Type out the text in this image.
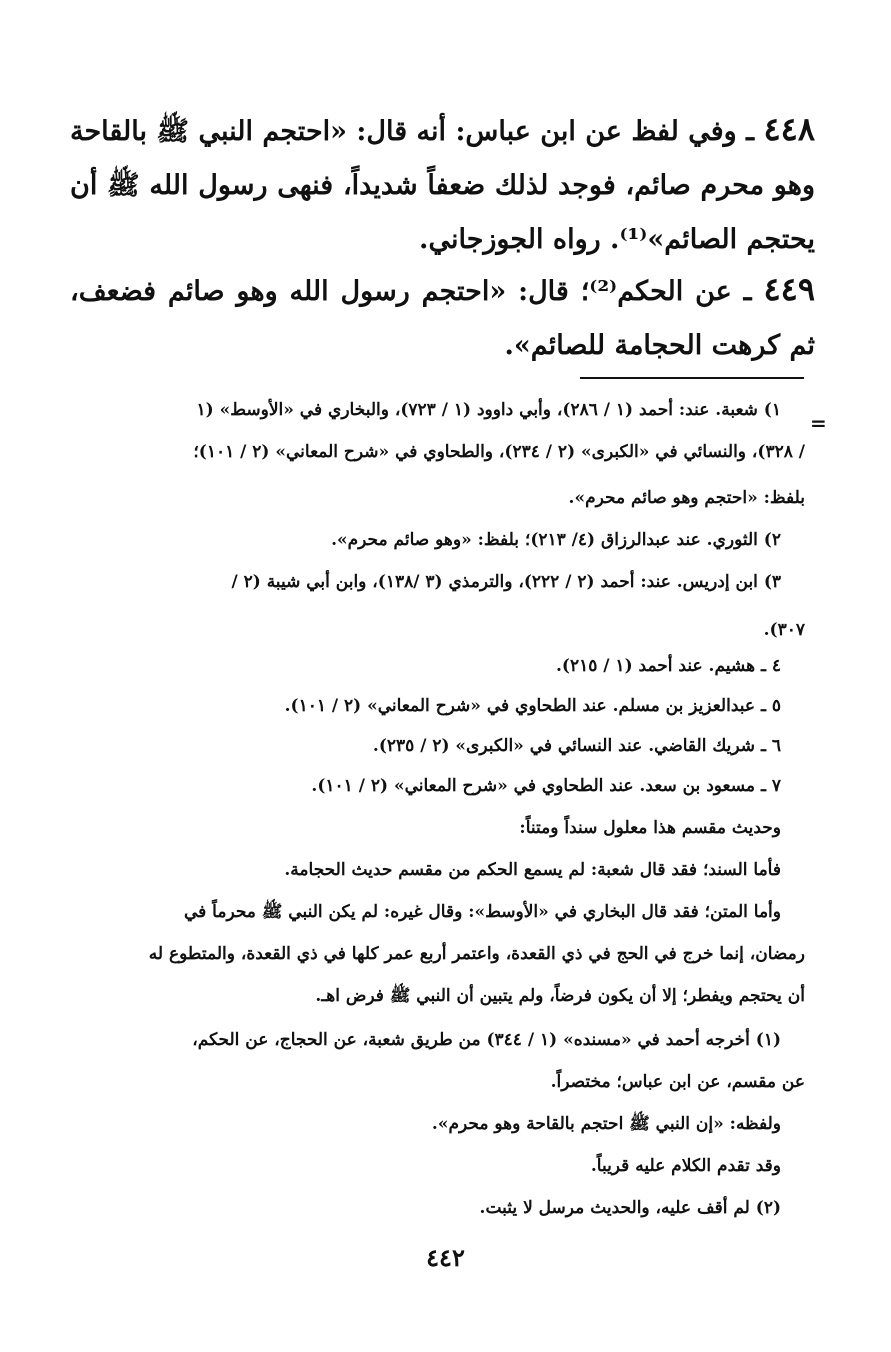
٤٤٨ ـ وفي لفظ عن ابن عباس: أنه قال: «احتجم النبي ﷺ بالقاحة وهو محرم صائم، فوجد لذلك ضعفاً شديداً، فنهى رسول الله ﷺ أن يحتجم الصائم»⁽¹⁾. رواه الجوزجاني.

٤٤٩ ـ عن الحكم⁽²⁾؛ قال: «احتجم رسول الله وهو صائم فضعف، ثم كرهت الحجامة للصائم».

=

١) شعبة. عند: أحمد (١ / ٢٨٦)، وأبي داوود (١ / ٧٢٣)، والبخاري في «الأوسط» (١

/ ٣٢٨)، والنسائي في «الكبرى» (٢ / ٢٣٤)، والطحاوي في «شرح المعاني» (٢ / ١٠١)؛

بلفظ: «احتجم وهو صائم محرم».

٢) الثوري. عند عبدالرزاق (٤/ ٢١٣)؛ بلفظ: «وهو صائم محرم».

٣) ابن إدريس. عند: أحمد (٢ / ٢٢٢)، والترمذي (٣ /١٣٨)، وابن أبي شيبة (٢ /

٣٠٧).

٤ ـ هشيم. عند أحمد (١ / ٢١٥).

٥ ـ عبدالعزيز بن مسلم. عند الطحاوي في «شرح المعاني» (٢ / ١٠١).

٦ ـ شريك القاضي. عند النسائي في «الكبرى» (٢ / ٢٣٥).

٧ ـ مسعود بن سعد. عند الطحاوي في «شرح المعاني» (٢ / ١٠١).

وحديث مقسم هذا معلول سنداً ومتناً:

فأما السند؛ فقد قال شعبة: لم يسمع الحكم من مقسم حديث الحجامة.

وأما المتن؛ فقد قال البخاري في «الأوسط»: وقال غيره: لم يكن النبي ﷺ محرماً في

رمضان، إنما خرج في الحج في ذي القعدة، واعتمر أربع عمر كلها في ذي القعدة، والمتطوع له

أن يحتجم ويفطر؛ إلا أن يكون فرضاً، ولم يتبين أن النبي ﷺ فرض اهـ.

(١) أخرجه أحمد في «مسنده» (١ / ٣٤٤) من طريق شعبة، عن الحجاج، عن الحكم،

عن مقسم، عن ابن عباس؛ مختصراً.

ولفظه: «إن النبي ﷺ احتجم بالقاحة وهو محرم».

وقد تقدم الكلام عليه قريباً.

(٢) لم أقف عليه، والحديث مرسل لا يثبت.

٤٤٢
